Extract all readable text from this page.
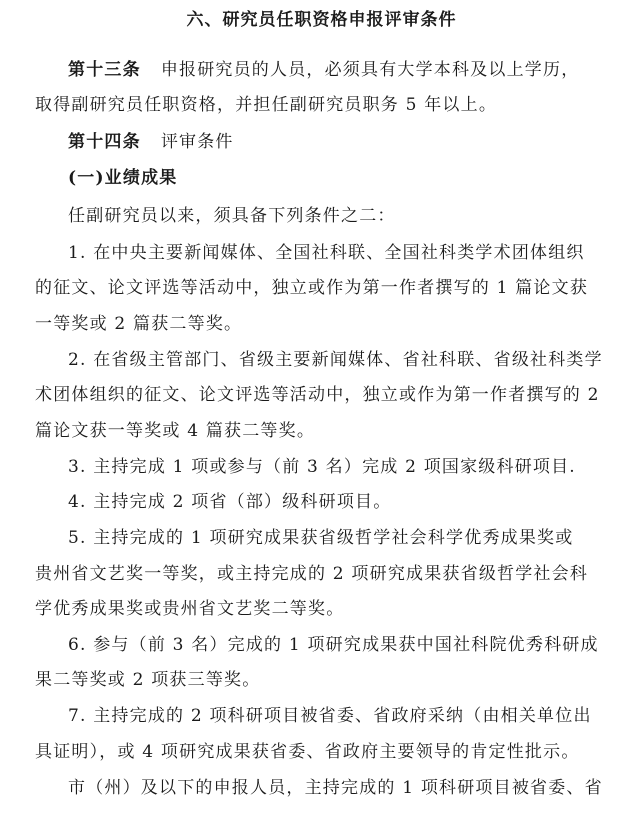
六、研究员任职资格申报评审条件
第十三条 申报研究员的人员，必须具有大学本科及以上学历，
取得副研究员任职资格，并担任副研究员职务 5 年以上。
第十四条 评审条件
(一)业绩成果
任副研究员以来，须具备下列条件之二：
1. 在中央主要新闻媒体、全国社科联、全国社科类学术团体组织
的征文、论文评选等活动中，独立或作为第一作者撰写的 1 篇论文获
一等奖或 2 篇获二等奖。
2. 在省级主管部门、省级主要新闻媒体、省社科联、省级社科类学
术团体组织的征文、论文评选等活动中，独立或作为第一作者撰写的 2
篇论文获一等奖或 4 篇获二等奖。
3. 主持完成 1 项或参与（前 3 名）完成 2 项国家级科研项目.
4. 主持完成 2 项省（部）级科研项目。
5. 主持完成的 1 项研究成果获省级哲学社会科学优秀成果奖或
贵州省文艺奖一等奖，或主持完成的 2 项研究成果获省级哲学社会科
学优秀成果奖或贵州省文艺奖二等奖。
6. 参与（前 3 名）完成的 1 项研究成果获中国社科院优秀科研成
果二等奖或 2 项获三等奖。
7. 主持完成的 2 项科研项目被省委、省政府采纳（由相关单位出
具证明），或 4 项研究成果获省委、省政府主要领导的肯定性批示。
市（州）及以下的申报人员，主持完成的 1 项科研项目被省委、省
